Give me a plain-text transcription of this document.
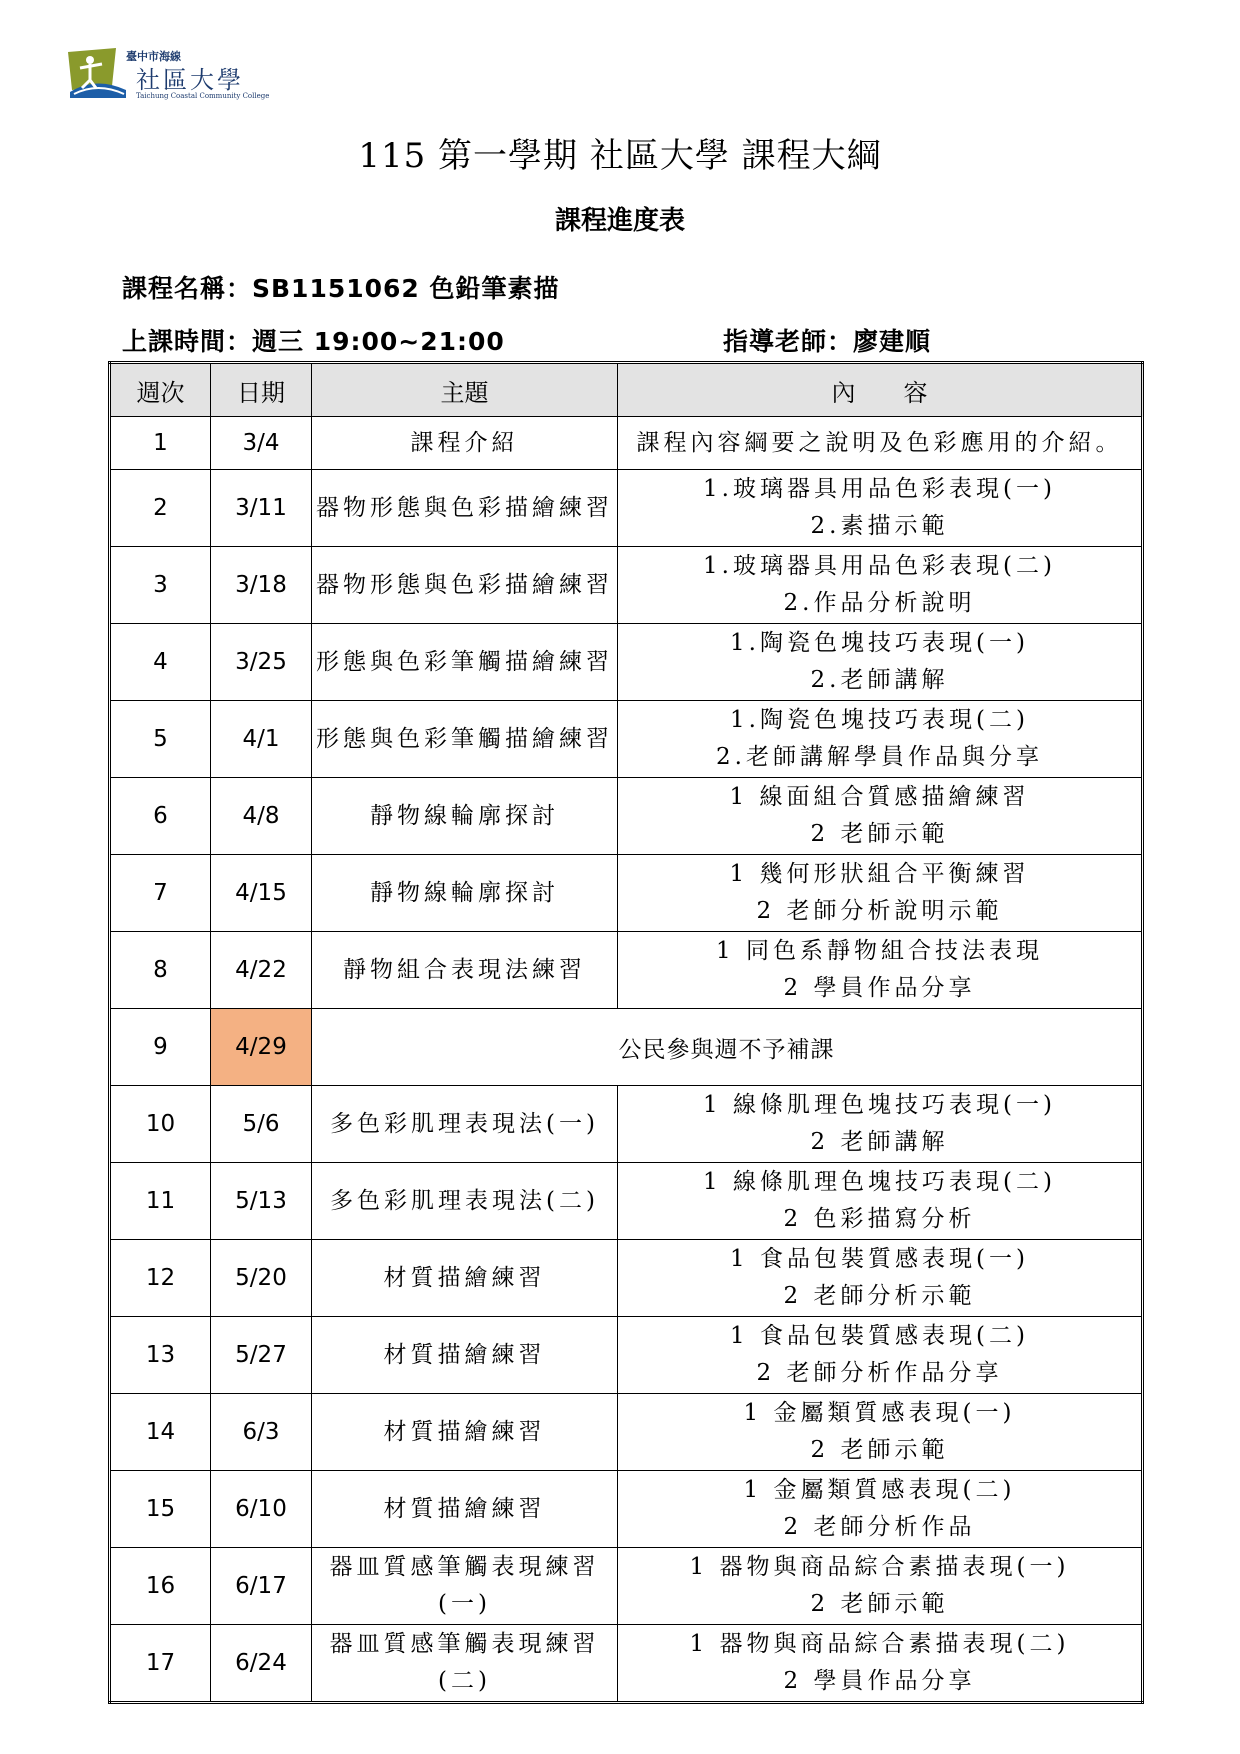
臺中市海線
社區大學
Taichung Coastal Community College
115 第一學期 社區大學 課程大綱
課程進度表
課程名稱：SB1151062 色鉛筆素描
上課時間：週三 19:00~21:00	指導老師：廖建順
週次	日期	主題	內　　容
1	3/4	課程介紹	課程內容綱要之說明及色彩應用的介紹。

2	3/11	器物形態與色彩描繪練習	1.玻璃器具用品色彩表現(一)
2.素描示範

3	3/18	器物形態與色彩描繪練習	1.玻璃器具用品色彩表現(二)
2.作品分析說明

4	3/25	形態與色彩筆觸描繪練習	1.陶瓷色塊技巧表現(一)
2.老師講解

5	4/1	形態與色彩筆觸描繪練習	1.陶瓷色塊技巧表現(二)
2.老師講解學員作品與分享

6	4/8	靜物線輪廓探討	1 線面組合質感描繪練習
2 老師示範

7	4/15	靜物線輪廓探討	1 幾何形狀組合平衡練習
2 老師分析說明示範

8	4/22	靜物組合表現法練習	1 同色系靜物組合技法表現
2 學員作品分享

9	4/29	公民參與週不予補課	
10	5/6	多色彩肌理表現法(一)	1 線條肌理色塊技巧表現(一)
2 老師講解

11	5/13	多色彩肌理表現法(二)	1 線條肌理色塊技巧表現(二)
2 色彩描寫分析

12	5/20	材質描繪練習	1 食品包裝質感表現(一)
2 老師分析示範

13	5/27	材質描繪練習	1 食品包裝質感表現(二)
2 老師分析作品分享

14	6/3	材質描繪練習	1 金屬類質感表現(一)
2 老師示範

15	6/10	材質描繪練習	1 金屬類質感表現(二)
2 老師分析作品

16	6/17	器皿質感筆觸表現練習(一)	1 器物與商品綜合素描表現(一)
2 老師示範

17	6/24	器皿質感筆觸表現練習(二)	1 器物與商品綜合素描表現(二)
2 學員作品分享
